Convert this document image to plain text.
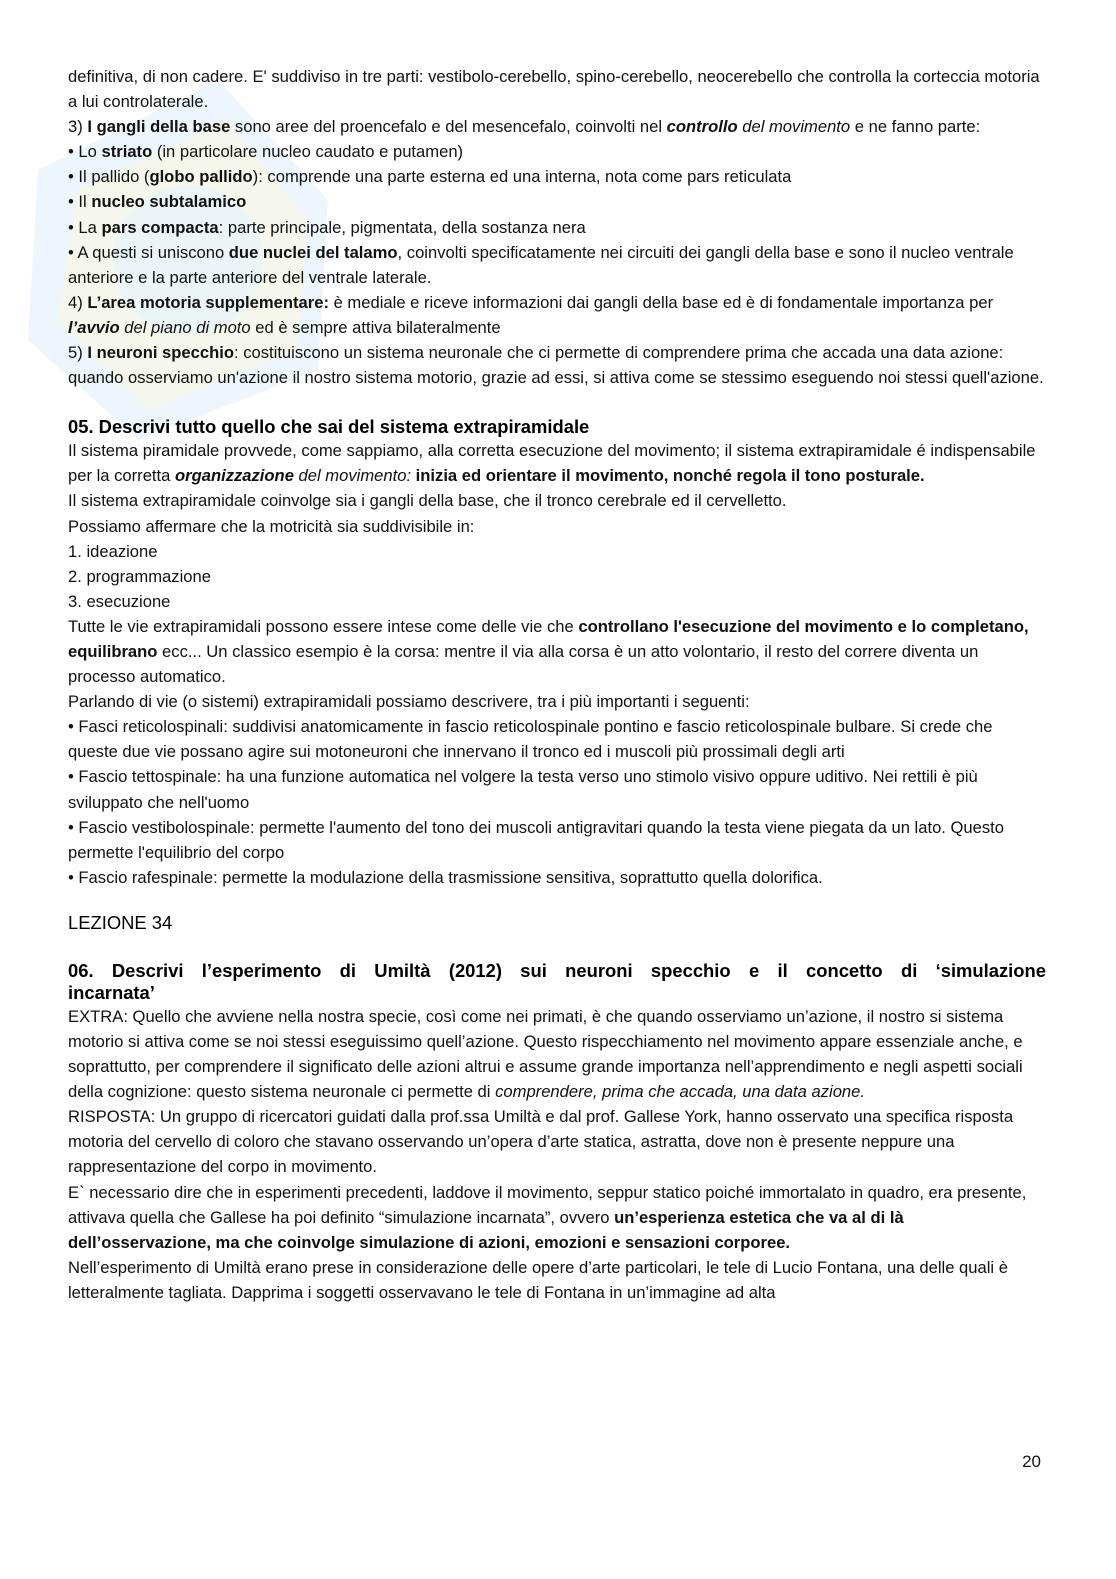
definitiva, di non cadere. E' suddiviso in tre parti: vestibolo-cerebello, spino-cerebello, neocerebello che controlla la corteccia motoria a lui controlaterale.

3) I gangli della base sono aree del proencefalo e del mesencefalo, coinvolti nel controllo del movimento e ne fanno parte:

• Lo striato (in particolare nucleo caudato e putamen)

• Il pallido (globo pallido): comprende una parte esterna ed una interna, nota come pars reticulata

• Il nucleo subtalamico

• La pars compacta: parte principale, pigmentata, della sostanza nera

• A questi si uniscono due nuclei del talamo, coinvolti specificatamente nei circuiti dei gangli della base e sono il nucleo ventrale anteriore e la parte anteriore del ventrale laterale.

4) L’area motoria supplementare: è mediale e riceve informazioni dai gangli della base ed è di fondamentale importanza per l’avvio del piano di moto ed è sempre attiva bilateralmente

5) I neuroni specchio: costituiscono un sistema neuronale che ci permette di comprendere prima che accada una data azione: quando osserviamo un'azione il nostro sistema motorio, grazie ad essi, si attiva come se stessimo eseguendo noi stessi quell'azione.

05. Descrivi tutto quello che sai del sistema extrapiramidale

Il sistema piramidale provvede, come sappiamo, alla corretta esecuzione del movimento; il sistema extrapiramidale é indispensabile per la corretta organizzazione del movimento: inizia ed orientare il movimento, nonché regola il tono posturale.

Il sistema extrapiramidale coinvolge sia i gangli della base, che il tronco cerebrale ed il cervelletto.

Possiamo affermare che la motricità sia suddivisibile in:

1. ideazione

2. programmazione

3. esecuzione

Tutte le vie extrapiramidali possono essere intese come delle vie che controllano l'esecuzione del movimento e lo completano, equilibrano ecc... Un classico esempio è la corsa: mentre il via alla corsa è un atto volontario, il resto del correre diventa un processo automatico.

Parlando di vie (o sistemi) extrapiramidali possiamo descrivere, tra i più importanti i seguenti:

• Fasci reticolospinali: suddivisi anatomicamente in fascio reticolospinale pontino e fascio reticolospinale bulbare. Si crede che queste due vie possano agire sui motoneuroni che innervano il tronco ed i muscoli più prossimali degli arti

• Fascio tettospinale: ha una funzione automatica nel volgere la testa verso uno stimolo visivo oppure uditivo. Nei rettili è più sviluppato che nell'uomo

• Fascio vestibolospinale: permette l'aumento del tono dei muscoli antigravitari quando la testa viene piegata da un lato. Questo permette l'equilibrio del corpo

• Fascio rafespinale: permette la modulazione della trasmissione sensitiva, soprattutto quella dolorifica.

LEZIONE 34

06. Descrivi l’esperimento di Umiltà (2012) sui neuroni specchio e il concetto di ‘simulazione

incarnata’

EXTRA: Quello che avviene nella nostra specie, così come nei primati, è che quando osserviamo un’azione, il nostro si sistema motorio si attiva come se noi stessi eseguissimo quell’azione. Questo rispecchiamento nel movimento appare essenziale anche, e soprattutto, per comprendere il significato delle azioni altrui e assume grande importanza nell’apprendimento e negli aspetti sociali della cognizione: questo sistema neuronale ci permette di comprendere, prima che accada, una data azione.

RISPOSTA: Un gruppo di ricercatori guidati dalla prof.ssa Umiltà e dal prof. Gallese York, hanno osservato una specifica risposta motoria del cervello di coloro che stavano osservando un’opera d’arte statica, astratta, dove non è presente neppure una rappresentazione del corpo in movimento.

E` necessario dire che in esperimenti precedenti, laddove il movimento, seppur statico poiché immortalato in quadro, era presente, attivava quella che Gallese ha poi definito “simulazione incarnata”, ovvero un’esperienza estetica che va al di là dell’osservazione, ma che coinvolge simulazione di azioni, emozioni e sensazioni corporee.

Nell’esperimento di Umiltà erano prese in considerazione delle opere d’arte particolari, le tele di Lucio Fontana, una delle quali è letteralmente tagliata. Dapprima i soggetti osservavano le tele di Fontana in un’immagine ad alta

20
